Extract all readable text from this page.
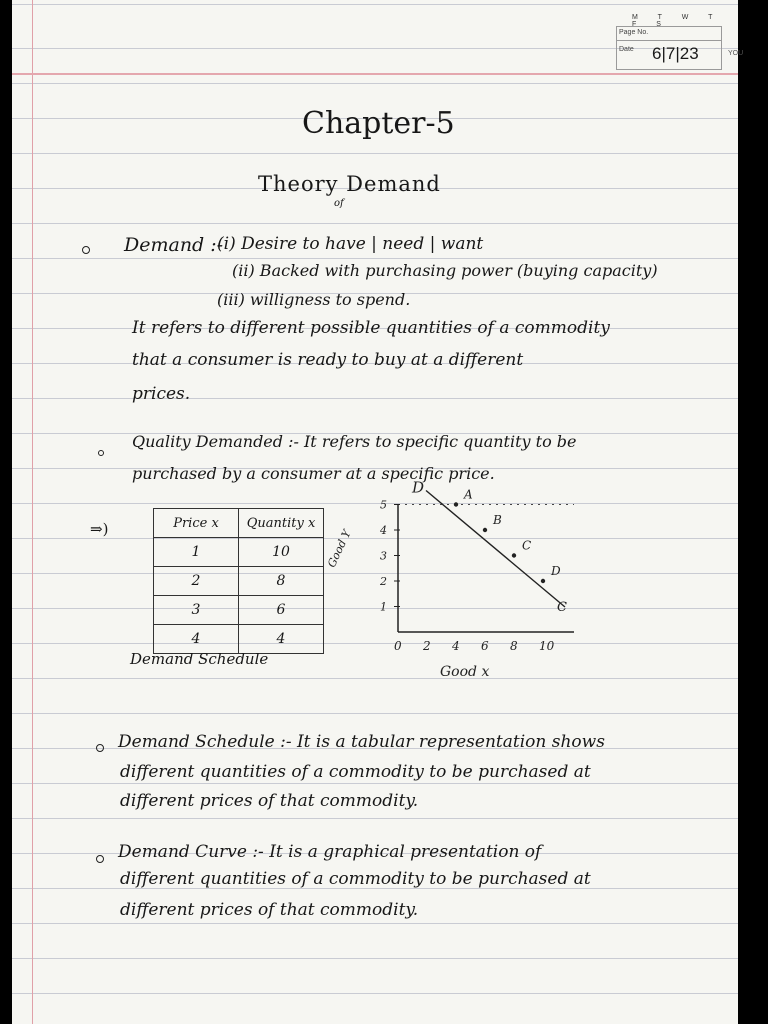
M T W T F S
Page No.
Date 6|7|23	YOU
Chapter-5
Theory Demand
of
Demand :-
(i) Desire to have | need | want
(ii) Backed with purchasing power (buying capacity)
(iii) willigness to spend.
It refers to different possible quantities of a commodity
that a consumer is ready to buy at a different
prices.
Quality Demanded :- It refers to specific quantity to be
purchased by a consumer at a specific price.
⇒)	Price x	Quantity x
1	10
2	8
3	6
4	4
Demand Schedule
0 2 4 6 8 10
1
2
3
4
5
D
C
A
B
C
D
Good Y
Good x
Demand Schedule :- It is a tabular representation shows
different quantities of a commodity to be purchased at
different prices of that commodity.
Demand Curve :- It is a graphical presentation of
different quantities of a commodity to be purchased at
different prices of that commodity.
